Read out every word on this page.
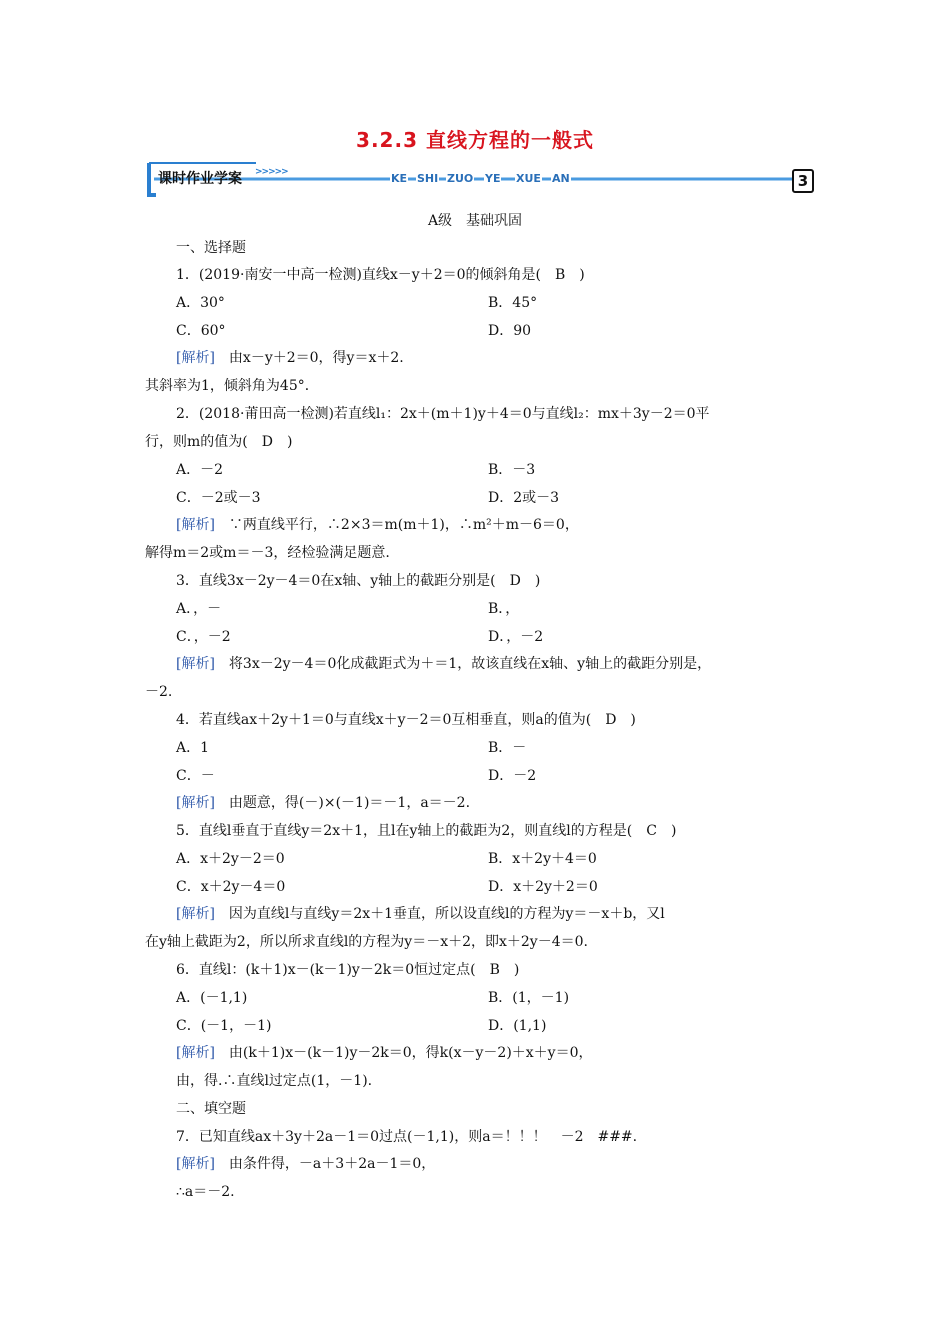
3.2.3 直线方程的一般式
课时作业学案 >>>>>	KE SHI ZUO YE XUE AN	3
A级　基础巩固
一、选择题
1．(2019·南安一中高一检测)直线x－y＋2＝0的倾斜角是(　B　)
A．30°	B．45°
C．60°	D．90
[解析]　由x－y＋2＝0，得y＝x＋2.
其斜率为1，倾斜角为45°．
2．(2018·莆田高一检测)若直线l₁：2x＋(m＋1)y＋4＝0与直线l₂：mx＋3y－2＝0平
行，则m的值为(　D　)
A．－2	B．－3
C．－2或－3	D．2或－3
[解析]　∵两直线平行，∴2×3＝m(m＋1)，∴m²＋m－6＝0，
解得m＝2或m＝－3，经检验满足题意.
3．直线3x－2y－4＝0在x轴、y轴上的截距分别是(　D　)
A．，－	B．，
C．，－2	D．，－2
[解析]　将3x－2y－4＝0化成截距式为＋＝1，故该直线在x轴、y轴上的截距分别是，
－2.
4．若直线ax＋2y＋1＝0与直线x＋y－2＝0互相垂直，则a的值为(　D　)
A．1	B．－
C．－	D．－2
[解析]　由题意，得(－)×(－1)＝－1，a＝－2.
5．直线l垂直于直线y＝2x＋1，且l在y轴上的截距为2，则直线l的方程是(　C　)
A．x＋2y－2＝0	B．x＋2y＋4＝0
C．x＋2y－4＝0	D．x＋2y＋2＝0
[解析]　因为直线l与直线y＝2x＋1垂直，所以设直线l的方程为y＝－x＋b，又l
在y轴上截距为2，所以所求直线l的方程为y＝－x＋2，即x＋2y－4＝0.
6．直线l：(k＋1)x－(k－1)y－2k＝0恒过定点(　B　)
A．(－1,1)	B．(1，－1)
C．(－1，－1)	D．(1,1)
[解析]　由(k＋1)x－(k－1)y－2k＝0，得k(x－y－2)＋x＋y＝0，
由，得.∴直线l过定点(1，－1).
二、填空题
7．已知直线ax＋3y＋2a－1＝0过点(－1,1)，则a＝！！！　－2　###.
[解析]　由条件得，－a＋3＋2a－1＝0，
∴a＝－2.
